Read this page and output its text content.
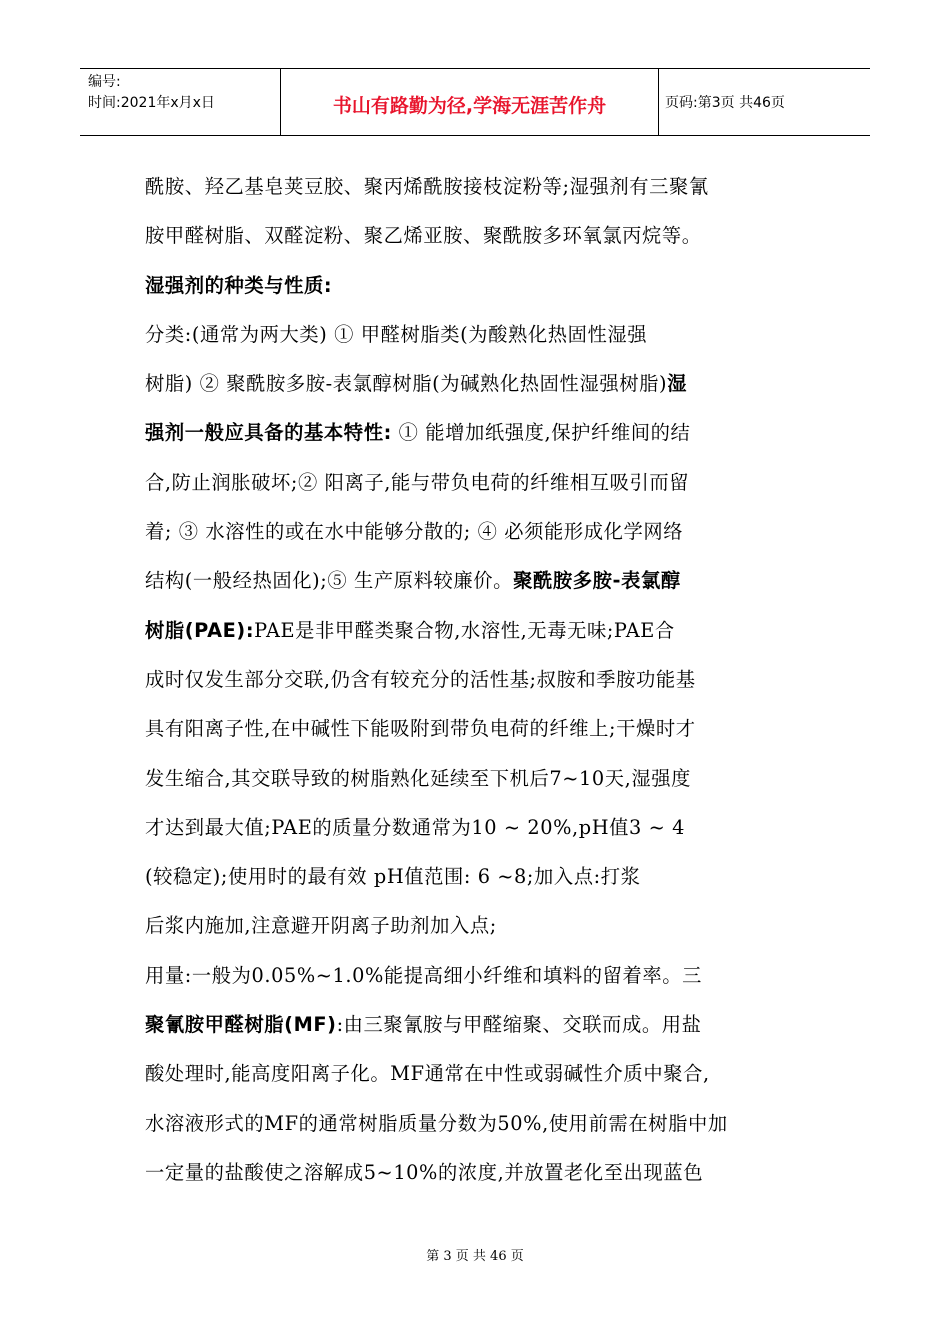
编号:
时间:2021年x月x日	书山有路勤为径,学海无涯苦作舟	页码:第3页 共46页
酰胺、羟乙基皂荚豆胶、聚丙烯酰胺接枝淀粉等;湿强剂有三聚氰
胺甲醛树脂、双醛淀粉、聚乙烯亚胺、聚酰胺多环氧氯丙烷等。
湿强剂的种类与性质:
分类:(通常为两大类) ① 甲醛树脂类(为酸熟化热固性湿强
树脂) ② 聚酰胺多胺-表氯醇树脂(为碱熟化热固性湿强树脂)湿
强剂一般应具备的基本特性: ① 能增加纸强度,保护纤维间的结
合,防止润胀破坏;② 阳离子,能与带负电荷的纤维相互吸引而留
着; ③ 水溶性的或在水中能够分散的; ④ 必须能形成化学网络
结构(一般经热固化);⑤ 生产原料较廉价。聚酰胺多胺-表氯醇
树脂(PAE):PAE是非甲醛类聚合物,水溶性,无毒无味;PAE合
成时仅发生部分交联,仍含有较充分的活性基;叔胺和季胺功能基
具有阳离子性,在中碱性下能吸附到带负电荷的纤维上;干燥时才
发生缩合,其交联导致的树脂熟化延续至下机后7~10天,湿强度
才达到最大值;PAE的质量分数通常为10 ~ 20%,pH值3 ~ 4
(较稳定);使用时的最有效 pH值范围: 6 ~8;加入点:打浆
后浆内施加,注意避开阴离子助剂加入点;
用量:一般为0.05%~1.0%能提高细小纤维和填料的留着率。三
聚氰胺甲醛树脂(MF):由三聚氰胺与甲醛缩聚、交联而成。用盐
酸处理时,能高度阳离子化。MF通常在中性或弱碱性介质中聚合,
水溶液形式的MF的通常树脂质量分数为50%,使用前需在树脂中加
一定量的盐酸使之溶解成5~10%的浓度,并放置老化至出现蓝色
第 3 页 共 46 页
